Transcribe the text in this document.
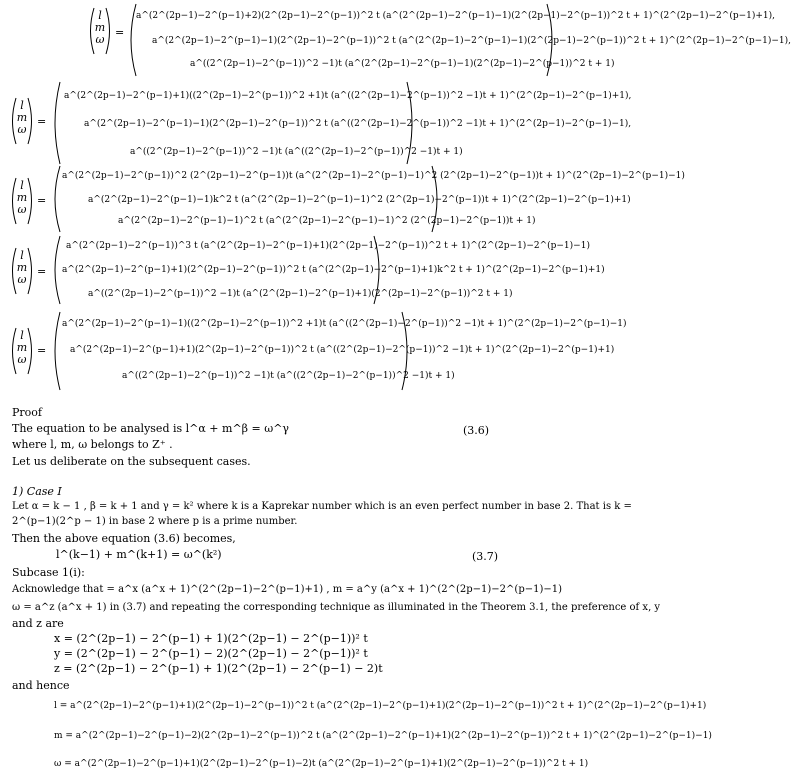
l
m
ω
=
a^(2^(2p−1)−2^(p−1)+2)(2^(2p−1)−2^(p−1))^2 t (a^(2^(2p−1)−2^(p−1)−1)(2^(2p−1)−2^(p−1))^2 t + 1)^(2^(2p−1)−2^(p−1)+1),
a^(2^(2p−1)−2^(p−1)−1)(2^(2p−1)−2^(p−1))^2 t (a^(2^(2p−1)−2^(p−1)−1)(2^(2p−1)−2^(p−1))^2 t + 1)^(2^(2p−1)−2^(p−1)−1),
a^((2^(2p−1)−2^(p−1))^2 −1)t (a^(2^(2p−1)−2^(p−1)−1)(2^(2p−1)−2^(p−1))^2 t + 1)
l
m
ω
=
a^(2^(2p−1)−2^(p−1)+1)((2^(2p−1)−2^(p−1))^2 +1)t (a^((2^(2p−1)−2^(p−1))^2 −1)t + 1)^(2^(2p−1)−2^(p−1)+1),
a^(2^(2p−1)−2^(p−1)−1)(2^(2p−1)−2^(p−1))^2 t (a^((2^(2p−1)−2^(p−1))^2 −1)t + 1)^(2^(2p−1)−2^(p−1)−1),
a^((2^(2p−1)−2^(p−1))^2 −1)t (a^((2^(2p−1)−2^(p−1))^2 −1)t + 1)
l
m
ω
=
a^(2^(2p−1)−2^(p−1))^2 (2^(2p−1)−2^(p−1))t (a^(2^(2p−1)−2^(p−1)−1)^2 (2^(2p−1)−2^(p−1))t + 1)^(2^(2p−1)−2^(p−1)−1)
a^(2^(2p−1)−2^(p−1)−1)k^2 t (a^(2^(2p−1)−2^(p−1)−1)^2 (2^(2p−1)−2^(p−1))t + 1)^(2^(2p−1)−2^(p−1)+1)
a^(2^(2p−1)−2^(p−1)−1)^2 t (a^(2^(2p−1)−2^(p−1)−1)^2 (2^(2p−1)−2^(p−1))t + 1)
l
m
ω
=
a^(2^(2p−1)−2^(p−1))^3 t (a^(2^(2p−1)−2^(p−1)+1)(2^(2p−1)−2^(p−1))^2 t + 1)^(2^(2p−1)−2^(p−1)−1)
a^(2^(2p−1)−2^(p−1)+1)(2^(2p−1)−2^(p−1))^2 t (a^(2^(2p−1)−2^(p−1)+1)k^2 t + 1)^(2^(2p−1)−2^(p−1)+1)
a^((2^(2p−1)−2^(p−1))^2 −1)t (a^(2^(2p−1)−2^(p−1)+1)(2^(2p−1)−2^(p−1))^2 t + 1)
l
m
ω
=
a^(2^(2p−1)−2^(p−1)−1)((2^(2p−1)−2^(p−1))^2 +1)t (a^((2^(2p−1)−2^(p−1))^2 −1)t + 1)^(2^(2p−1)−2^(p−1)−1)
a^(2^(2p−1)−2^(p−1)+1)(2^(2p−1)−2^(p−1))^2 t (a^((2^(2p−1)−2^(p−1))^2 −1)t + 1)^(2^(2p−1)−2^(p−1)+1)
a^((2^(2p−1)−2^(p−1))^2 −1)t (a^((2^(2p−1)−2^(p−1))^2 −1)t + 1)
Proof
The equation to be analysed is l^α + m^β = ω^γ	(3.6)
where l, m, ω belongs to Z⁺ .
Let us deliberate on the subsequent cases.
1) Case I
Let α = k − 1 , β = k + 1 and γ = k² where k is a Kaprekar number which is an even perfect number in base 2. That is k =
2^(p−1)(2^p − 1) in base 2 where p is a prime number.
Then the above equation (3.6) becomes,
l^(k−1) + m^(k+1) = ω^(k²)	(3.7)
Subcase 1(i):
Acknowledge that = a^x (a^x + 1)^(2^(2p−1)−2^(p−1)+1) , m = a^y (a^x + 1)^(2^(2p−1)−2^(p−1)−1)
ω = a^z (a^x + 1) in (3.7) and repeating the corresponding technique as illuminated in the Theorem 3.1, the preference of x, y
and z are
x = (2^(2p−1) − 2^(p−1) + 1)(2^(2p−1) − 2^(p−1))² t
y = (2^(2p−1) − 2^(p−1) − 2)(2^(2p−1) − 2^(p−1))² t
z = (2^(2p−1) − 2^(p−1) + 1)(2^(2p−1) − 2^(p−1) − 2)t
and hence
l = a^(2^(2p−1)−2^(p−1)+1)(2^(2p−1)−2^(p−1))^2 t (a^(2^(2p−1)−2^(p−1)+1)(2^(2p−1)−2^(p−1))^2 t + 1)^(2^(2p−1)−2^(p−1)+1)
m = a^(2^(2p−1)−2^(p−1)−2)(2^(2p−1)−2^(p−1))^2 t (a^(2^(2p−1)−2^(p−1)+1)(2^(2p−1)−2^(p−1))^2 t + 1)^(2^(2p−1)−2^(p−1)−1)
ω = a^(2^(2p−1)−2^(p−1)+1)(2^(2p−1)−2^(p−1)−2)t (a^(2^(2p−1)−2^(p−1)+1)(2^(2p−1)−2^(p−1))^2 t + 1)
